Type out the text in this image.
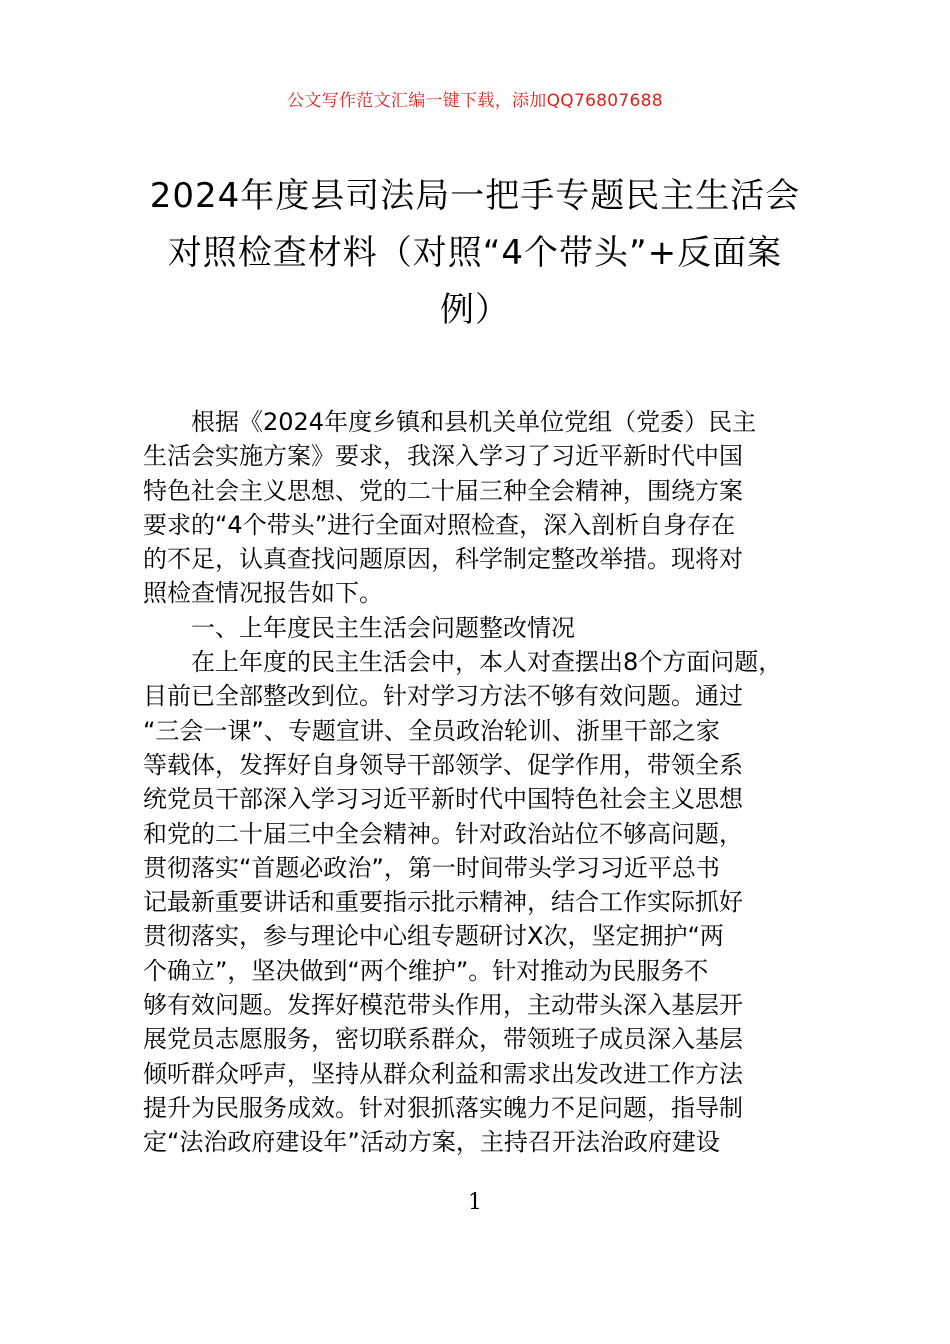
公文写作范文汇编一键下载，添加QQ76807688
2024年度县司法局一把手专题民主生活会
对照检查材料（对照“4个带头”+反面案
例）

根据《2024年度乡镇和县机关单位党组（党委）民主
生活会实施方案》要求，我深入学习了习近平新时代中国
特色社会主义思想、党的二十届三种全会精神，围绕方案
要求的“4个带头”进行全面对照检查，深入剖析自身存在
的不足，认真查找问题原因，科学制定整改举措。现将对
照检查情况报告如下。

一、上年度民主生活会问题整改情况

在上年度的民主生活会中，本人对查摆出8个方面问题，
目前已全部整改到位。针对学习方法不够有效问题。通过
“三会一课”、专题宣讲、全员政治轮训、浙里干部之家
等载体，发挥好自身领导干部领学、促学作用，带领全系
统党员干部深入学习习近平新时代中国特色社会主义思想
和党的二十届三中全会精神。针对政治站位不够高问题，
贯彻落实“首题必政治”，第一时间带头学习习近平总书
记最新重要讲话和重要指示批示精神，结合工作实际抓好
贯彻落实，参与理论中心组专题研讨X次，坚定拥护“两
个确立”，坚决做到“两个维护”。针对推动为民服务不
够有效问题。发挥好模范带头作用，主动带头深入基层开
展党员志愿服务，密切联系群众，带领班子成员深入基层
倾听群众呼声，坚持从群众利益和需求出发改进工作方法
提升为民服务成效。针对狠抓落实魄力不足问题，指导制
定“法治政府建设年”活动方案，主持召开法治政府建设

1
